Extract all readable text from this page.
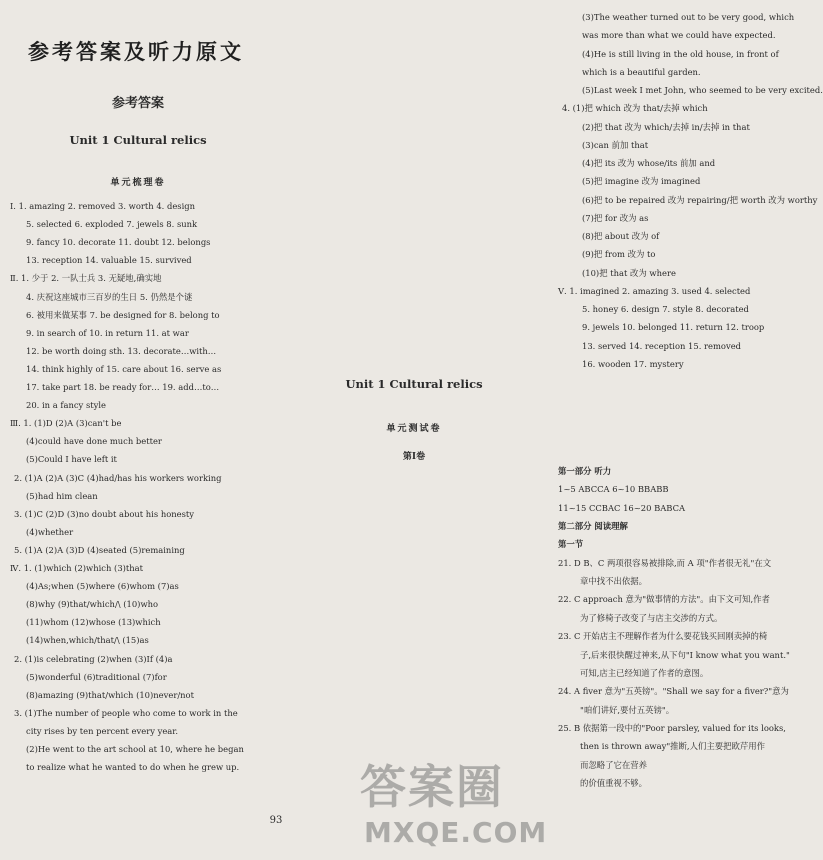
参考答案及听力原文
参考答案
Unit 1 Cultural relics
单元梳理卷
Ⅰ. 1. amazing 2. removed 3. worth 4. design
5. selected 6. exploded 7. jewels 8. sunk
9. fancy 10. decorate 11. doubt 12. belongs
13. reception 14. valuable 15. survived
Ⅱ. 1. 少于 2. 一队士兵 3. 无疑地,确实地
4. 庆祝这座城市三百岁的生日 5. 仍然是个谜
6. 被用来做某事 7. be designed for 8. belong to
9. in search of 10. in return 11. at war
12. be worth doing sth. 13. decorate…with…
14. think highly of 15. care about 16. serve as
17. take part 18. be ready for… 19. add…to…
20. in a fancy style
Ⅲ. 1. (1)D (2)A (3)can't be
(4)could have done much better
(5)Could I have left it
2. (1)A (2)A (3)C (4)had/has his workers working
(5)had him clean
3. (1)C (2)D (3)no doubt about his honesty
(4)whether
5. (1)A (2)A (3)D (4)seated (5)remaining
Ⅳ. 1. (1)which (2)which (3)that
(4)As;when (5)where (6)whom (7)as
(8)why (9)that/which/\ (10)who
(11)whom (12)whose (13)which
(14)when,which/that/\ (15)as
2. (1)is celebrating (2)when (3)If (4)a
(5)wonderful (6)traditional (7)for
(8)amazing (9)that/which (10)never/not
3. (1)The number of people who come to work in the
city rises by ten percent every year.
(2)He went to the art school at 10, where he began
to realize what he wanted to do when he grew up.
(3)The weather turned out to be very good, which
was more than what we could have expected.
(4)He is still living in the old house, in front of
which is a beautiful garden.
(5)Last week I met John, who seemed to be very excited.
4. (1)把 which 改为 that/去掉 which
(2)把 that 改为 which/去掉 in/去掉 in that
(3)can 前加 that
(4)把 its 改为 whose/its 前加 and
(5)把 imagine 改为 imagined
(6)把 to be repaired 改为 repairing/把 worth 改为 worthy
(7)把 for 改为 as
(8)把 about 改为 of
(9)把 from 改为 to
(10)把 that 改为 where
Ⅴ. 1. imagined 2. amazing 3. used 4. selected
5. honey 6. design 7. style 8. decorated
9. jewels 10. belonged 11. return 12. troop
13. served 14. reception 15. removed
16. wooden 17. mystery
Unit 1 Cultural relics
单元测试卷
第Ⅰ卷
第一部分 听力
1~5 ABCCA 6~10 BBABB
11~15 CCBAC 16~20 BABCA
第二部分 阅读理解
第一节
21. D B、C 两项很容易被排除,而 A 项"作者很无礼"在文
章中找不出依据。
22. C approach 意为"做事情的方法"。由下文可知,作者
为了修椅子改变了与店主交涉的方式。
23. C 开始店主不理解作者为什么要花钱买回刚卖掉的椅
子,后来很快醒过神来,从下句"I know what you want."
可知,店主已经知道了作者的意图。
24. A fiver 意为"五英镑"。"Shall we say for a fiver?"意为
"咱们讲好,要付五英镑"。
25. B 依据第一段中的"Poor parsley, valued for its looks,
then is thrown away"推断,人们主要把欧芹用作
而忽略了它在营养
的价值重视不够。
93
答案圈
MXQE.COM
